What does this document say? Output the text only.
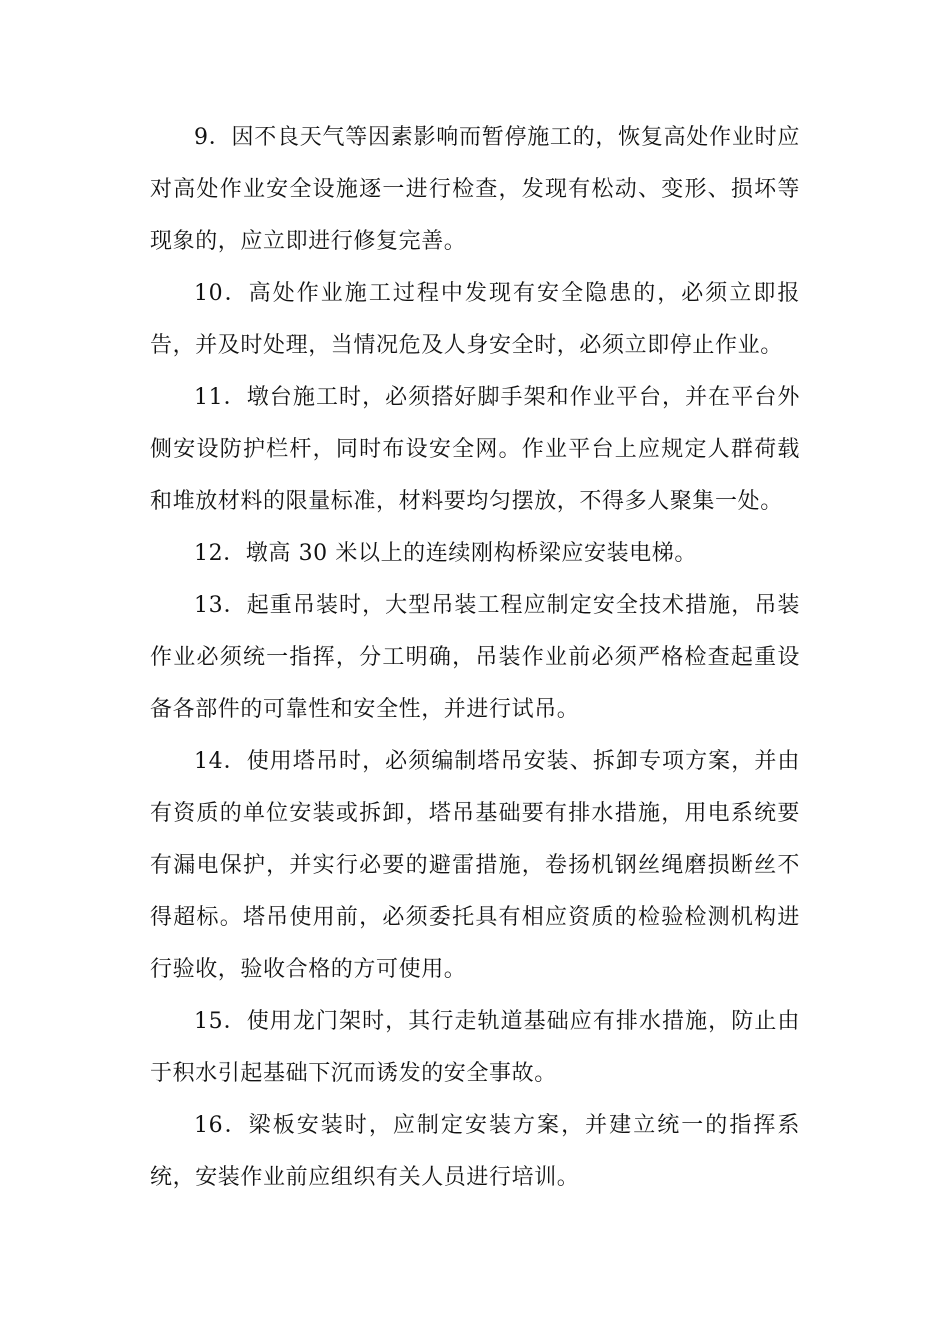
9．因不良天气等因素影响而暂停施工的，恢复高处作业时应对高处作业安全设施逐一进行检查，发现有松动、变形、损坏等现象的，应立即进行修复完善。

10．高处作业施工过程中发现有安全隐患的，必须立即报告，并及时处理，当情况危及人身安全时，必须立即停止作业。

11．墩台施工时，必须搭好脚手架和作业平台，并在平台外侧安设防护栏杆，同时布设安全网。作业平台上应规定人群荷载和堆放材料的限量标准，材料要均匀摆放，不得多人聚集一处。

12．墩高 30 米以上的连续刚构桥梁应安装电梯。

13．起重吊装时，大型吊装工程应制定安全技术措施，吊装作业必须统一指挥，分工明确，吊装作业前必须严格检查起重设备各部件的可靠性和安全性，并进行试吊。

14．使用塔吊时，必须编制塔吊安装、拆卸专项方案，并由有资质的单位安装或拆卸，塔吊基础要有排水措施，用电系统要有漏电保护，并实行必要的避雷措施，卷扬机钢丝绳磨损断丝不得超标。塔吊使用前，必须委托具有相应资质的检验检测机构进行验收，验收合格的方可使用。

15．使用龙门架时，其行走轨道基础应有排水措施，防止由于积水引起基础下沉而诱发的安全事故。

16．梁板安装时，应制定安装方案，并建立统一的指挥系统，安装作业前应组织有关人员进行培训。
